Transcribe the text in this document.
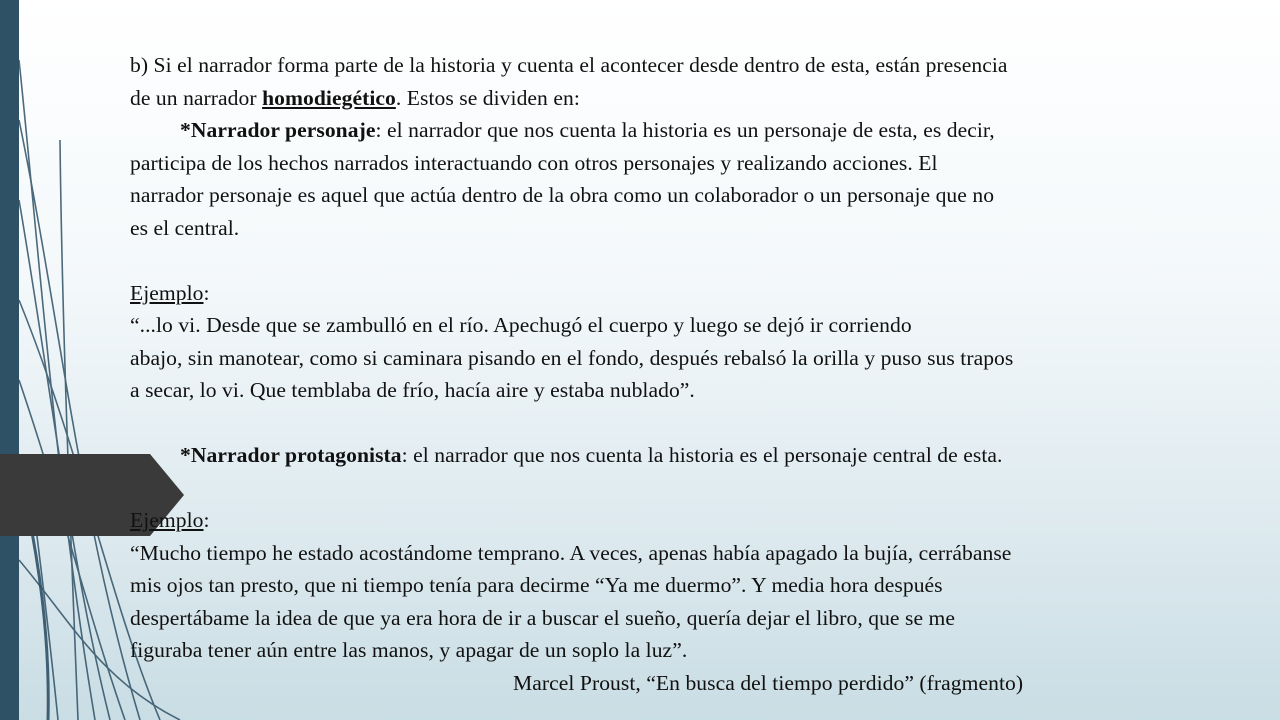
b) Si el narrador forma parte de la historia y cuenta el acontecer desde dentro de esta, están presencia

de un narrador homodiegético. Estos se dividen en:

*Narrador personaje: el narrador que nos cuenta la historia es un personaje de esta, es decir,

participa de los hechos narrados interactuando con otros personajes y realizando acciones. El

narrador personaje es aquel que actúa dentro de la obra como un colaborador o un personaje que no

es el central.

Ejemplo:

“...lo vi. Desde que se zambulló en el río. Apechugó el cuerpo y luego se dejó ir corriendo

abajo, sin manotear, como si caminara pisando en el fondo, después rebalsó la orilla y puso sus trapos

a secar, lo vi. Que temblaba de frío, hacía aire y estaba nublado”.

*Narrador protagonista: el narrador que nos cuenta la historia es el personaje central de esta.

Ejemplo:

“Mucho tiempo he estado acostándome temprano. A veces, apenas había apagado la bujía, cerrábanse

mis ojos tan presto, que ni tiempo tenía para decirme “Ya me duermo”. Y media hora después

despertábame la idea de que ya era hora de ir a buscar el sueño, quería dejar el libro, que se me

figuraba tener aún entre las manos, y apagar de un soplo la luz”.

Marcel Proust, “En busca del tiempo perdido” (fragmento)
